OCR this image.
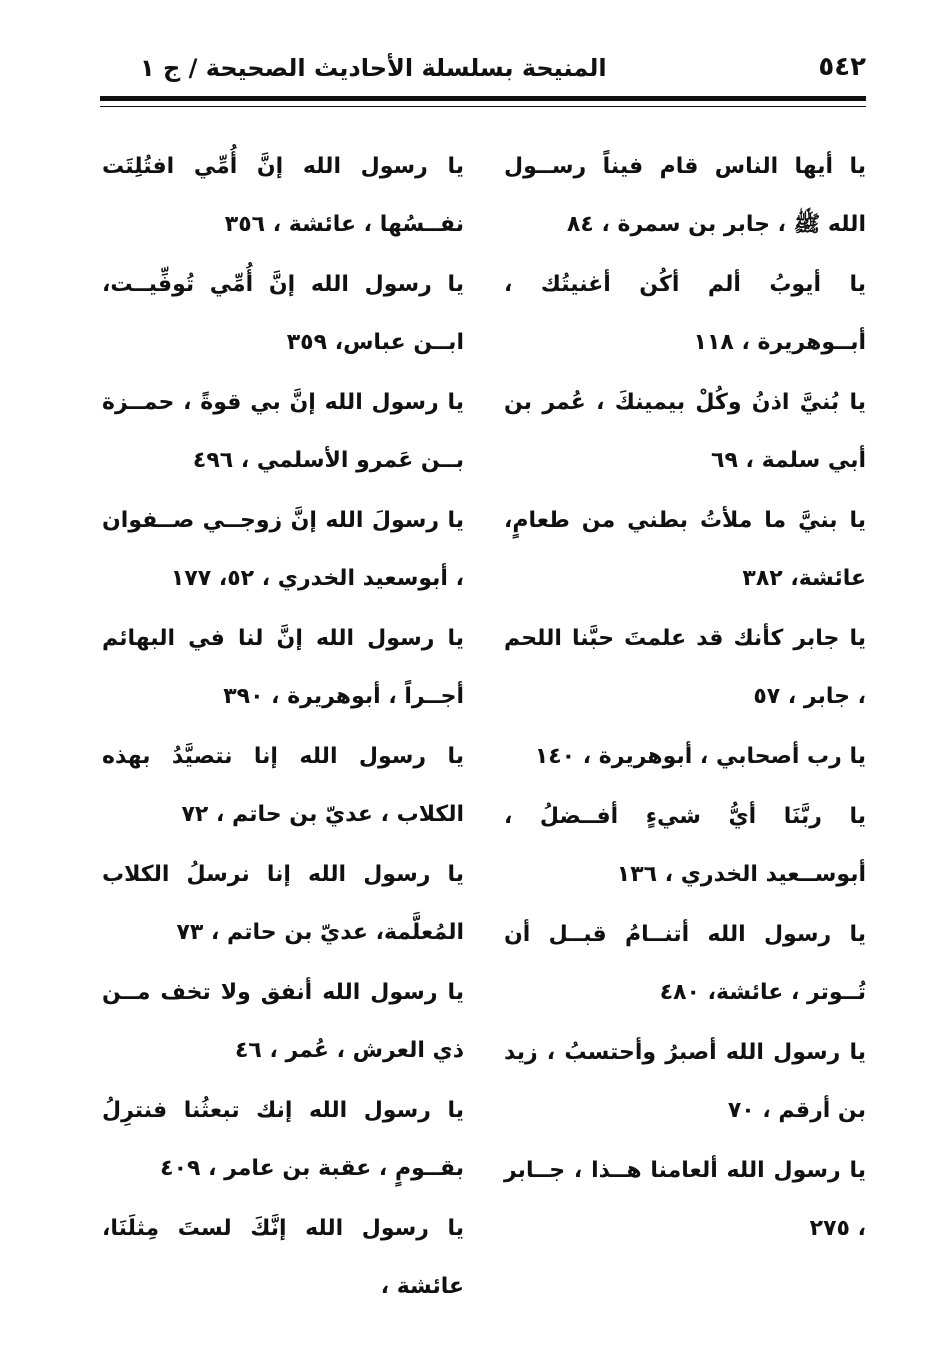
٥٤٢
المنيحة بسلسلة الأحاديث الصحيحة / ج ١

يا أيها الناس قام فيناً رســول الله ﷺ ، جابر بن سمرة ، ٨٤

يا أيوبُ ألم أكُن أغنيتُك ، أبــوهريرة ، ١١٨

يا بُنيَّ اذنُ وكُلْ بيمينكَ ، عُمر بن أبي سلمة ، ٦٩

يا بنيَّ ما ملأتُ بطني من طعامٍ، عائشة، ٣٨٢

يا جابر كأنك قد علمتَ حبَّنا اللحم ، جابر ، ٥٧

يا رب أصحابي ، أبوهريرة ، ١٤٠

يا ربَّنَا أيُّ شيءٍ أفــضلُ ، أبوســعيد الخدري ، ١٣٦

يا رسول الله أتنــامُ قبــل أن تُــوتر ، عائشة، ٤٨٠

يا رسول الله أصبرُ وأحتسبُ ، زيد بن أرقم ، ٧٠

يا رسول الله ألعامنا هــذا ، جــابر ، ٢٧٥

يا رسول الله إنَّ أُمِّي افتُلِتَت نفــسُها ، عائشة ، ٣٥٦

يا رسول الله إنَّ أُمِّي تُوفِّيــت، ابــن عباس، ٣٥٩

يا رسول الله إنَّ بي قوةً ، حمــزة بــن عَمرو الأسلمي ، ٤٩٦

يا رسولَ الله إنَّ زوجــي صــفوان ، أبوسعيد الخدري ، ٥٢، ١٧٧

يا رسول الله إنَّ لنا في البهائم أجــراً ، أبوهريرة ، ٣٩٠

يا رسول الله إنا نتصيَّدُ بهذه الكلاب ، عديّ بن حاتم ، ٧٢

يا رسول الله إنا نرسلُ الكلاب المُعلَّمة، عديّ بن حاتم ، ٧٣

يا رسول الله أنفق ولا تخف مــن ذي العرش ، عُمر ، ٤٦

يا رسول الله إنك تبعثُنا فنترِلُ بقــومٍ ، عقبة بن عامر ، ٤٠٩

يا رسول الله إنَّكَ لستَ مِثلَنَا، عائشة ،
